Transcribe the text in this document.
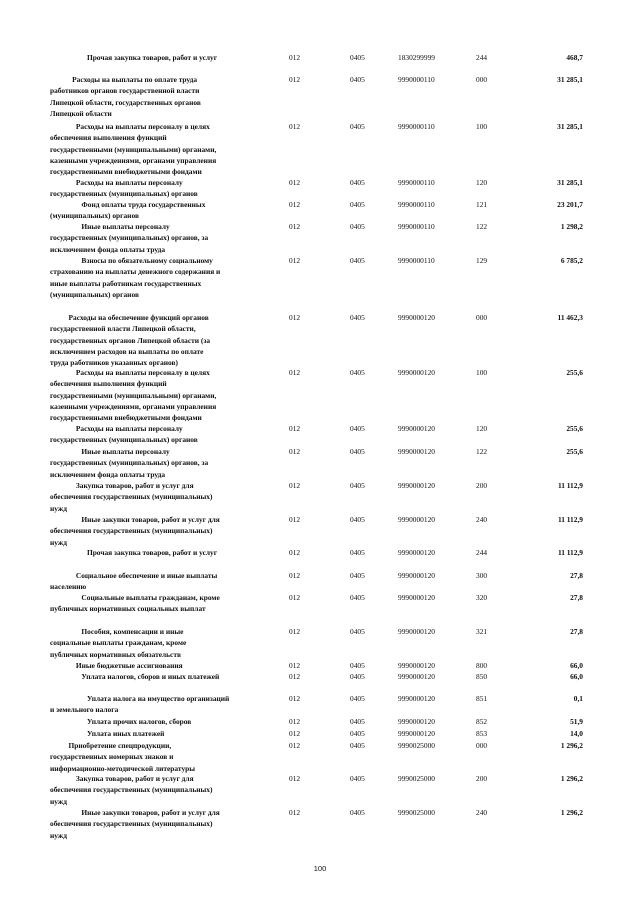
Прочая закупка товаров, работ и услуг	012	0405	1830299999	244	468,7
Расходы на выплаты по оплате труда
работников органов государственной власти
Липецкой области, государственных органов
Липецкой области
012	0405	9990000110	000	31 285,1
Расходы на выплаты персоналу в целях
обеспечения выполнения функций
государственными (муниципальными) органами,
казенными учреждениями, органами управления
государственными внебюджетными фондами
012	0405	9990000110	100	31 285,1
Расходы на выплаты персоналу
государственных (муниципальных) органов
012	0405	9990000110	120	31 285,1
Фонд оплаты труда государственных
(муниципальных) органов
012	0405	9990000110	121	23 201,7
Иные выплаты персоналу
государственных (муниципальных) органов, за
исключением фонда оплаты труда
012	0405	9990000110	122	1 298,2
Взносы по обязательному социальному
страхованию на выплаты денежного содержания и
иные выплаты работникам государственных
(муниципальных) органов
012	0405	9990000110	129	6 785,2
Расходы на обеспечение функций органов
государственной власти Липецкой области,
государственных органов Липецкой области (за
исключением расходов на выплаты по оплате
труда работников указанных органов)
012	0405	9990000120	000	11 462,3
Расходы на выплаты персоналу в целях
обеспечения выполнения функций
государственными (муниципальными) органами,
казенными учреждениями, органами управления
государственными внебюджетными фондами
012	0405	9990000120	100	255,6
Расходы на выплаты персоналу
государственных (муниципальных) органов
012	0405	9990000120	120	255,6
Иные выплаты персоналу
государственных (муниципальных) органов, за
исключением фонда оплаты труда
012	0405	9990000120	122	255,6
Закупка товаров, работ и услуг для
обеспечения государственных (муниципальных)
нужд
012	0405	9990000120	200	11 112,9
Иные закупки товаров, работ и услуг для
обеспечения государственных (муниципальных)
нужд
012	0405	9990000120	240	11 112,9
Прочая закупка товаров, работ и услуг	012	0405	9990000120	244	11 112,9
Социальное обеспечение и иные выплаты
населению
012	0405	9990000120	300	27,8
Социальные выплаты гражданам, кроме
публичных нормативных социальных выплат
012	0405	9990000120	320	27,8
Пособия, компенсации и иные
социальные выплаты гражданам, кроме
публичных нормативных обязательств
012	0405	9990000120	321	27,8
Иные бюджетные ассигнования	012	0405	9990000120	800	66,0
Уплата налогов, сборов и иных платежей	012	0405	9990000120	850	66,0
Уплата налога на имущество организаций
и земельного налога
012	0405	9990000120	851	0,1
Уплата прочих налогов, сборов	012	0405	9990000120	852	51,9
Уплата иных платежей	012	0405	9990000120	853	14,0
Приобретение спецпродукции,
государственных номерных знаков и
информационно-методической литературы
012	0405	9990025000	000	1 296,2
Закупка товаров, работ и услуг для
обеспечения государственных (муниципальных)
нужд
012	0405	9990025000	200	1 296,2
Иные закупки товаров, работ и услуг для
обеспечения государственных (муниципальных)
нужд
012	0405	9990025000	240	1 296,2
100
